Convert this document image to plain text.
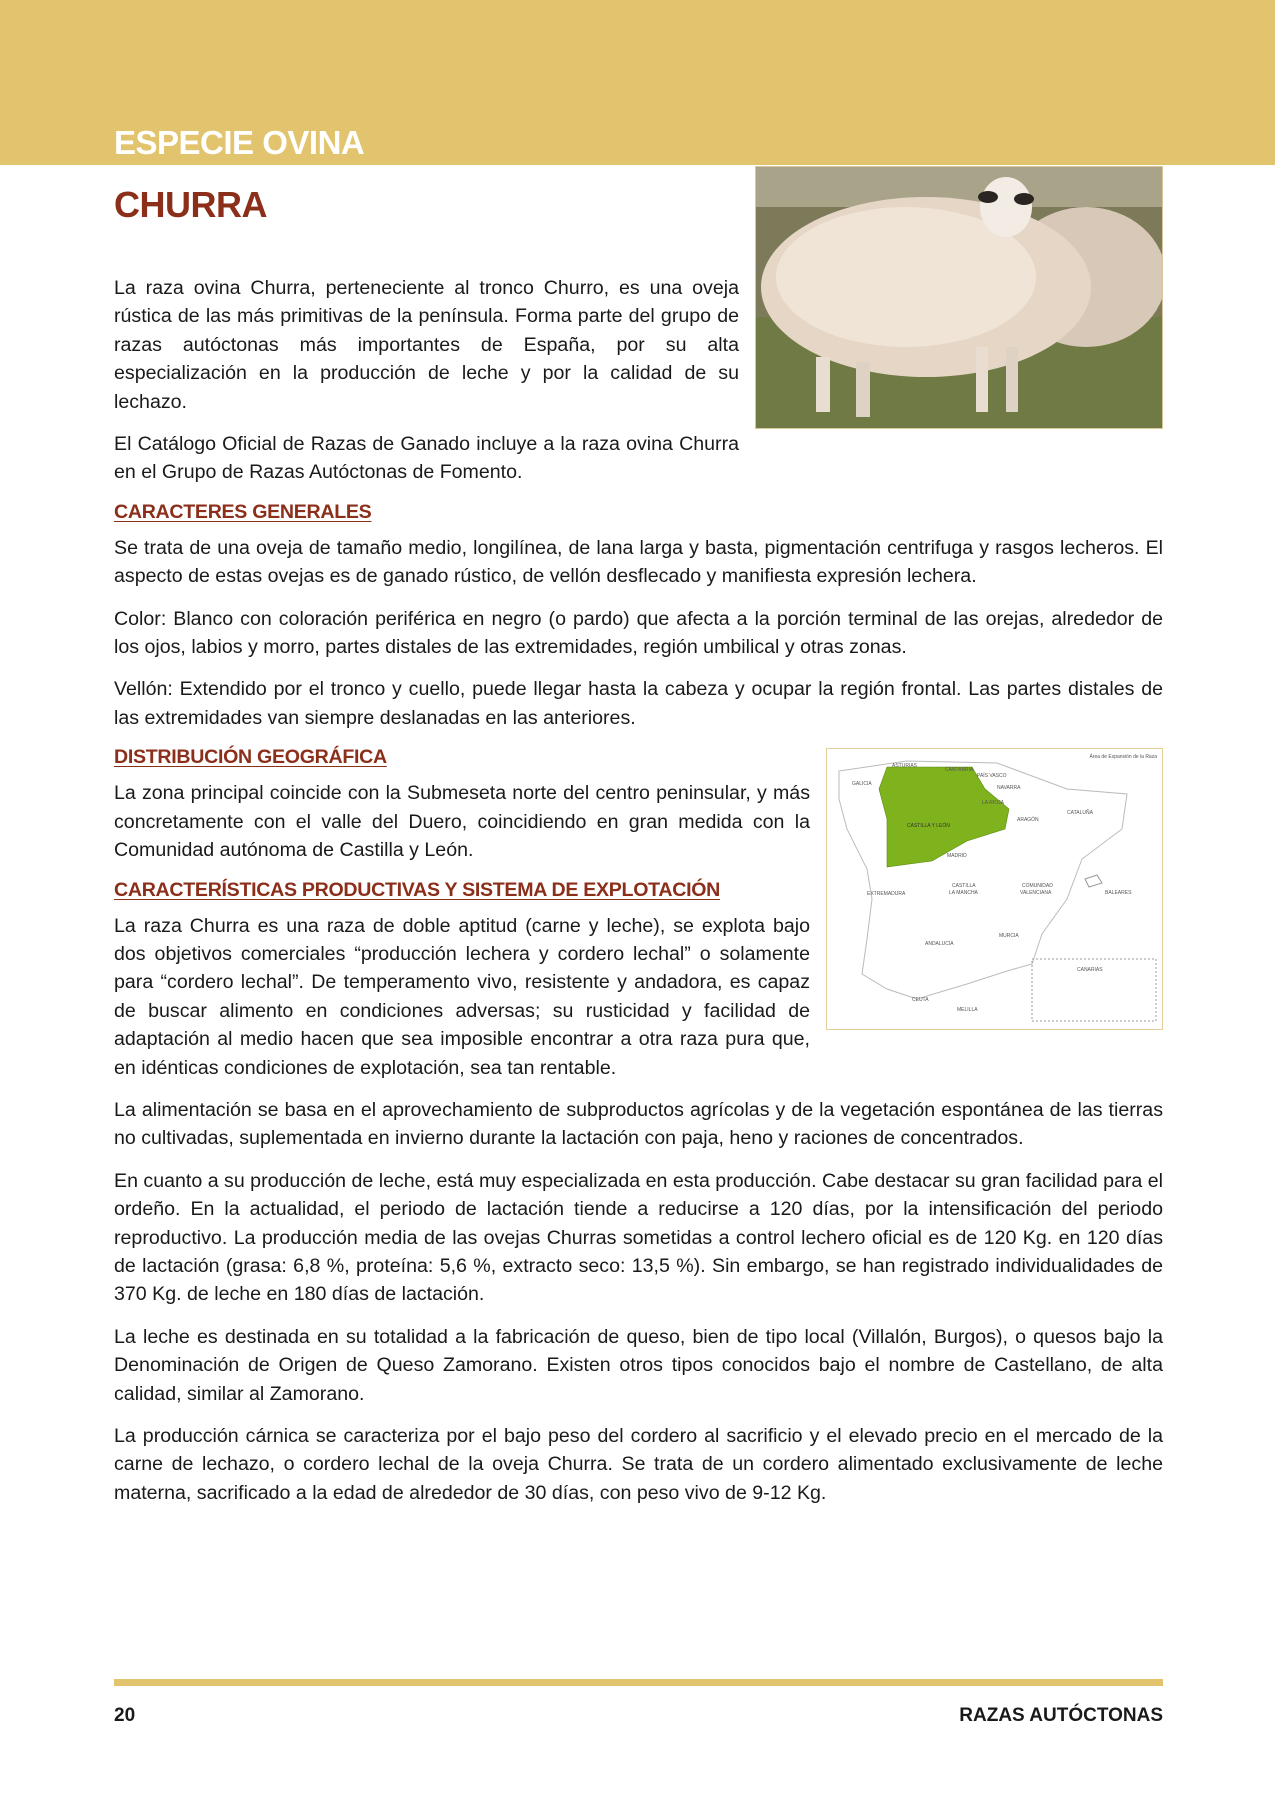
ESPECIE OVINA
CHURRA

La raza ovina Churra, perteneciente al tronco Churro, es una oveja rústica de las más primitivas de la península. Forma parte del grupo de razas autóctonas más importantes de España, por su alta especialización en la producción de leche y por la calidad de su lechazo.

El Catálogo Oficial de Razas de Ganado incluye a la raza ovina Churra en el Grupo de Razas Autóctonas de Fomento.

CARACTERES GENERALES

Se trata de una oveja de tamaño medio, longilínea, de lana larga y basta, pigmentación centrifuga y rasgos lecheros. El aspecto de estas ovejas es de ganado rústico, de vellón desflecado y manifiesta expresión lechera.

Color: Blanco con coloración periférica en negro (o pardo) que afecta a la porción terminal de las orejas, alrededor de los ojos, labios y morro, partes distales de las extremidades, región umbilical y otras zonas.

Vellón: Extendido por el tronco y cuello, puede llegar hasta la cabeza y ocupar la región frontal. Las partes distales de las extremidades van siempre deslanadas en las anteriores.

Área de Expansión de la Raza
GALICIA
ASTURIAS
CANTABRIA
PAÍS VASCO
NAVARRA
LA RIOJA
ARAGÓN
CATALUÑA
CASTILLA Y LEÓN
MADRID
EXTREMADURA
CASTILLA
LA MANCHA
COMUNIDAD
VALENCIANA	BALEARES
MURCIA
ANDALUCÍA
CANARIAS
CEUTA
MELILLA
DISTRIBUCIÓN GEOGRÁFICA

La zona principal coincide con la Submeseta norte del centro peninsular, y más concretamente con el valle del Duero, coincidiendo en gran medida con la Comunidad autónoma de Castilla y León.

CARACTERÍSTICAS PRODUCTIVAS Y SISTEMA DE EXPLOTACIÓN

La raza Churra es una raza de doble aptitud (carne y leche), se explota bajo dos objetivos comerciales “producción lechera y cordero lechal” o solamente para “cordero lechal”. De temperamento vivo, resistente y andadora, es capaz de buscar alimento en condiciones adversas; su rusticidad y facilidad de adaptación al medio hacen que sea imposible encontrar a otra raza pura que, en idénticas condiciones de explotación, sea tan rentable.

La alimentación se basa en el aprovechamiento de subproductos agrícolas y de la vegetación espontánea de las tierras no cultivadas, suplementada en invierno durante la lactación con paja, heno y raciones de concentrados.

En cuanto a su producción de leche, está muy especializada en esta producción. Cabe destacar su gran facilidad para el ordeño. En la actualidad, el periodo de lactación tiende a reducirse a 120 días, por la intensificación del periodo reproductivo. La producción media de las ovejas Churras sometidas a control lechero oficial es de 120 Kg. en 120 días de lactación (grasa: 6,8 %, proteína: 5,6 %, extracto seco: 13,5 %). Sin embargo, se han registrado individualidades de 370 Kg. de leche en 180 días de lactación.

La leche es destinada en su totalidad a la fabricación de queso, bien de tipo local (Villalón, Burgos), o quesos bajo la Denominación de Origen de Queso Zamorano. Existen otros tipos conocidos bajo el nombre de Castellano, de alta calidad, similar al Zamorano.

La producción cárnica se caracteriza por el bajo peso del cordero al sacrificio y el elevado precio en el mercado de la carne de lechazo, o cordero lechal de la oveja Churra. Se trata de un cordero alimentado exclusivamente de leche materna, sacrificado a la edad de alrededor de 30 días, con peso vivo de 9-12 Kg.

20	RAZAS AUTÓCTONAS
